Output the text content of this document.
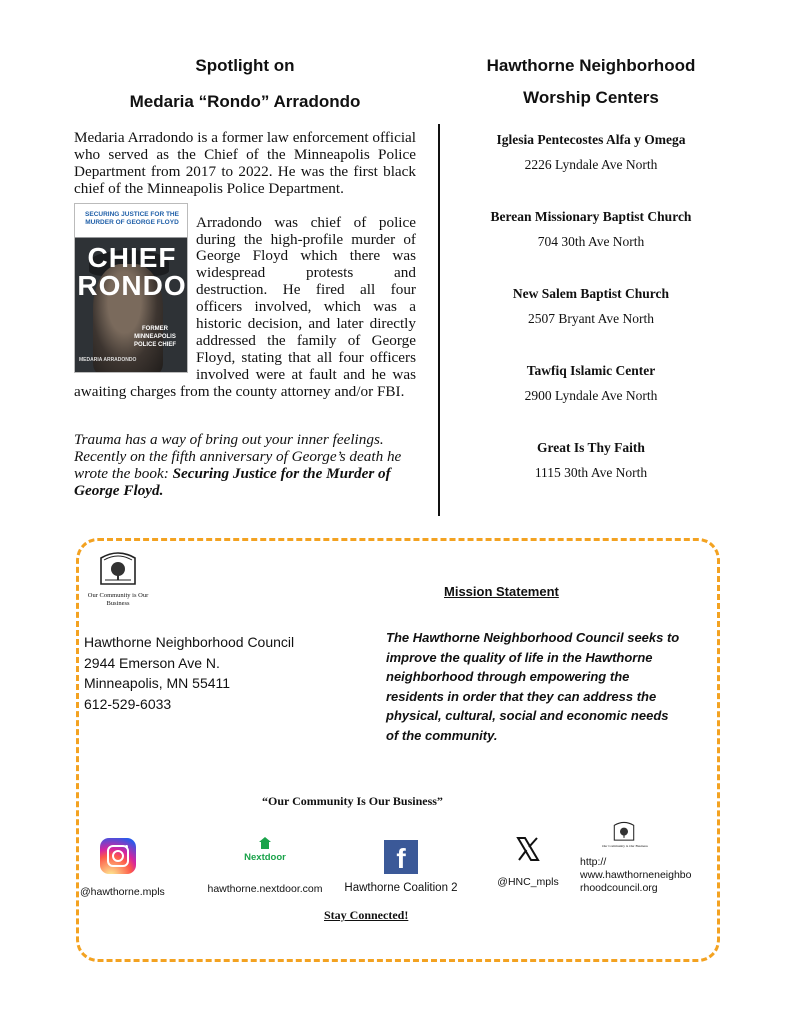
Spotlight on
Medaria “Rondo” Arradondo

Medaria Arradondo is a former law enforcement official who served as the Chief of the Minneapolis Police Department from 2017 to 2022. He was the first black chief of the Minneapolis Police Department.

SECURING JUSTICE FOR THE MURDER OF GEORGE FLOYD
CHIEF RONDO
FORMER MINNEAPOLIS POLICE CHIEF
MEDARIA ARRADONDO

Arradondo was chief of police during the high-profile murder of George Floyd which there was widespread protests and destruction. He fired all four officers involved, which was a historic decision, and later directly addressed the family of George Floyd, stating that all four officers involved were at fault and he was awaiting charges from the county attorney and/or FBI.

Trauma has a way of bring out your inner feelings. Recently on the fifth anniversary of George’s death he wrote the book: Securing Justice for the Murder of George Floyd.
Hawthorne Neighborhood
Worship Centers
Iglesia Pentecostes Alfa y Omega
2226 Lyndale Ave North
Berean Missionary Baptist Church
704 30th Ave North
New Salem Baptist Church
2507 Bryant Ave North
Tawfiq Islamic Center
2900 Lyndale Ave North
Great Is Thy Faith
1115 30th Ave North
Our Community is Our Business
Mission Statement
Hawthorne Neighborhood Council
2944 Emerson Ave N.
Minneapolis, MN 55411
612-529-6033
The Hawthorne Neighborhood Council seeks to improve the quality of life in the Hawthorne neighborhood through empowering the residents in order that they can address the physical, cultural, social and economic needs of the community.
“Our Community Is Our Business”
@hawthorne.mpls
Nextdoor
hawthorne.nextdoor.com
f
Hawthorne Coalition 2	@HNC_mpls
Our Community is Our Business
http://
www.hawthorneneighbo
rhoodcouncil.org
Stay Connected!
